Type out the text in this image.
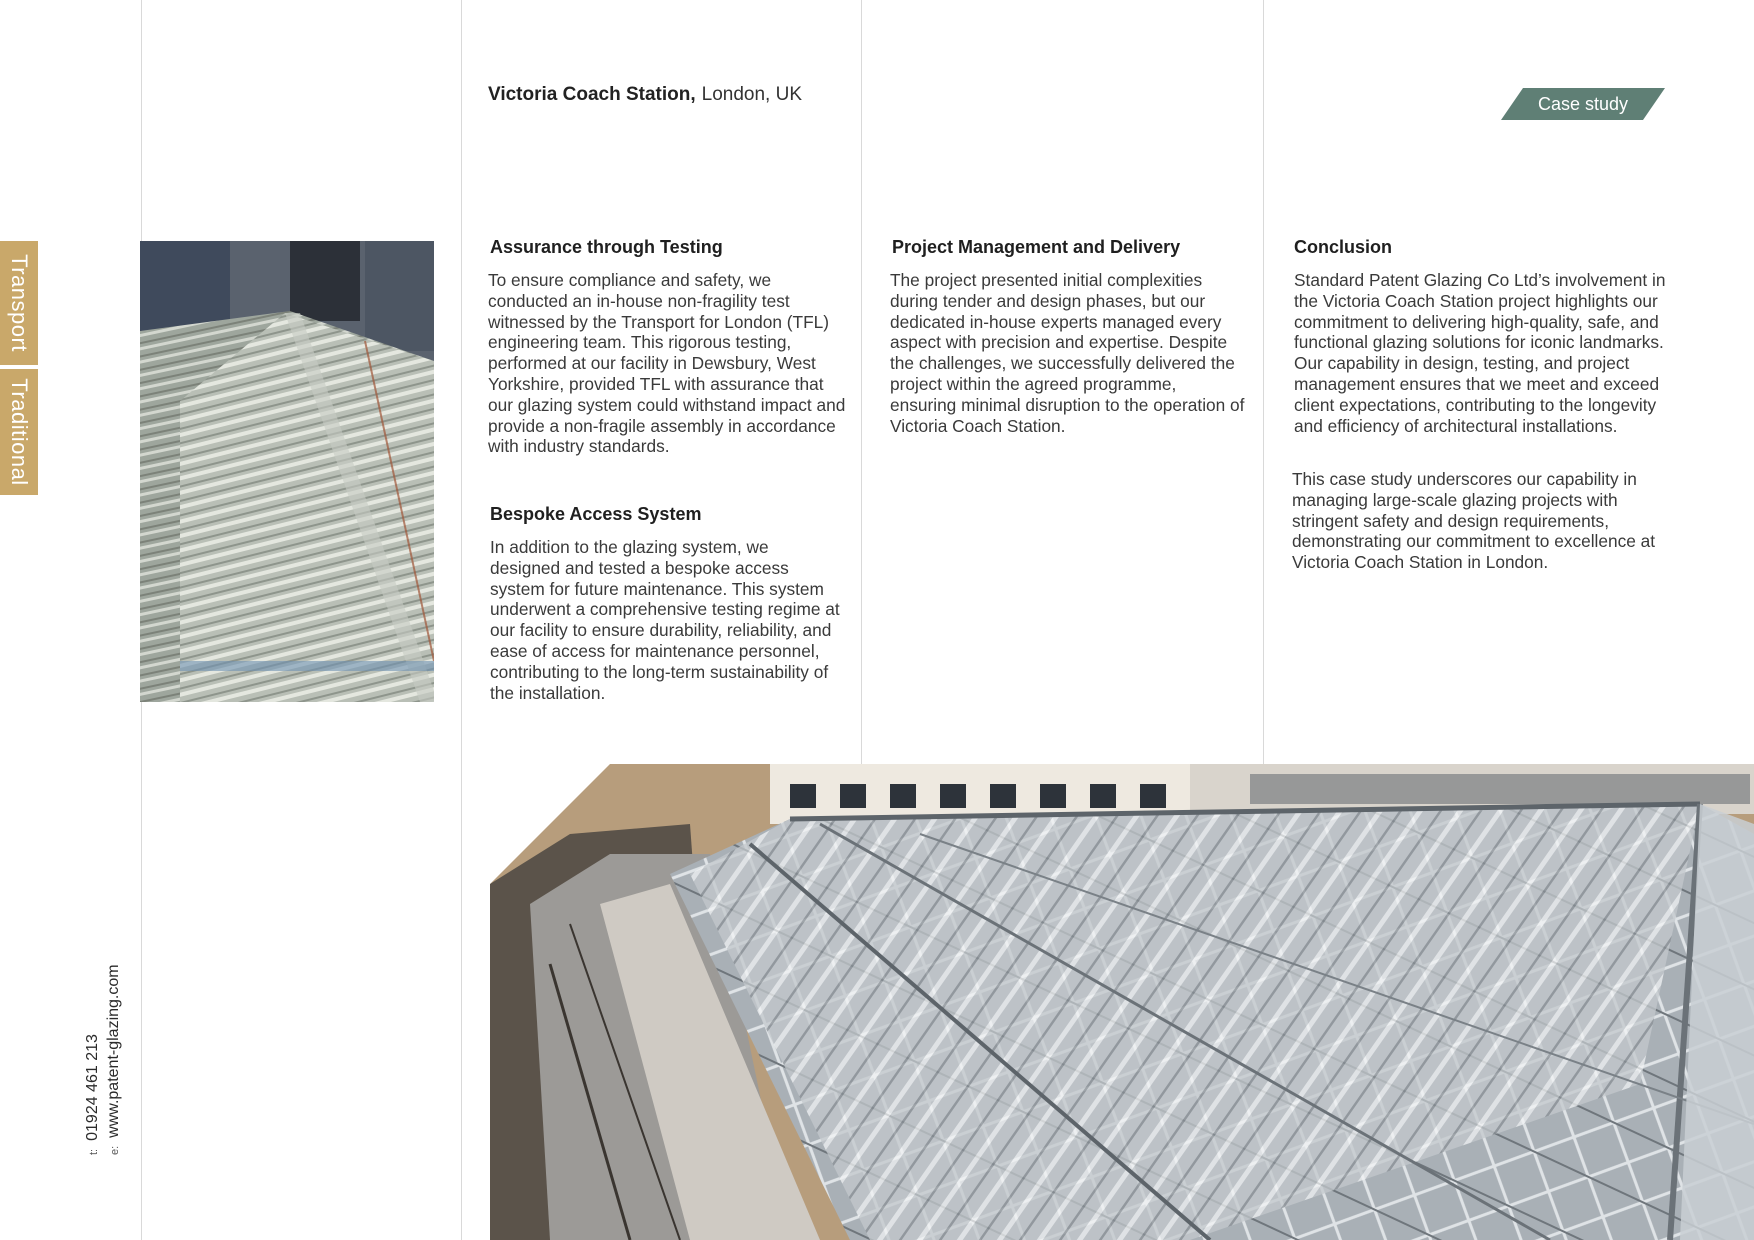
Transport
Traditional
t:01924 461 213
e:www.patent-glazing.com
Victoria Coach Station, London, UK	Case study
Assurance through Testing
To ensure compliance and safety, we conducted an in-house non-fragility test witnessed by the Transport for London (TFL) engineering team. This rigorous testing, performed at our facility in Dewsbury, West Yorkshire, provided TFL with assurance that our glazing system could withstand impact and provide a non-fragile assembly in accordance with industry standards.
Bespoke Access System
In addition to the glazing system, we designed and tested a bespoke access system for future maintenance. This system underwent a comprehensive testing regime at our facility to ensure durability, reliability, and ease of access for maintenance personnel, contributing to the long-term sustainability of the installation.
Project Management and Delivery
The project presented initial complexities during tender and design phases, but our dedicated in-house experts managed every aspect with precision and expertise. Despite the challenges, we successfully delivered the project within the agreed programme, ensuring minimal disruption to the operation of Victoria Coach Station.
Conclusion
Standard Patent Glazing Co Ltd’s involvement in the Victoria Coach Station project highlights our commitment to delivering high-quality, safe, and functional glazing solutions for iconic landmarks. Our capability in design, testing, and project management ensures that we meet and exceed client expectations, contributing to the longevity and efficiency of architectural installations.
This case study underscores our capability in managing large-scale glazing projects with stringent safety and design requirements, demonstrating our commitment to excellence at Victoria Coach Station in London.
